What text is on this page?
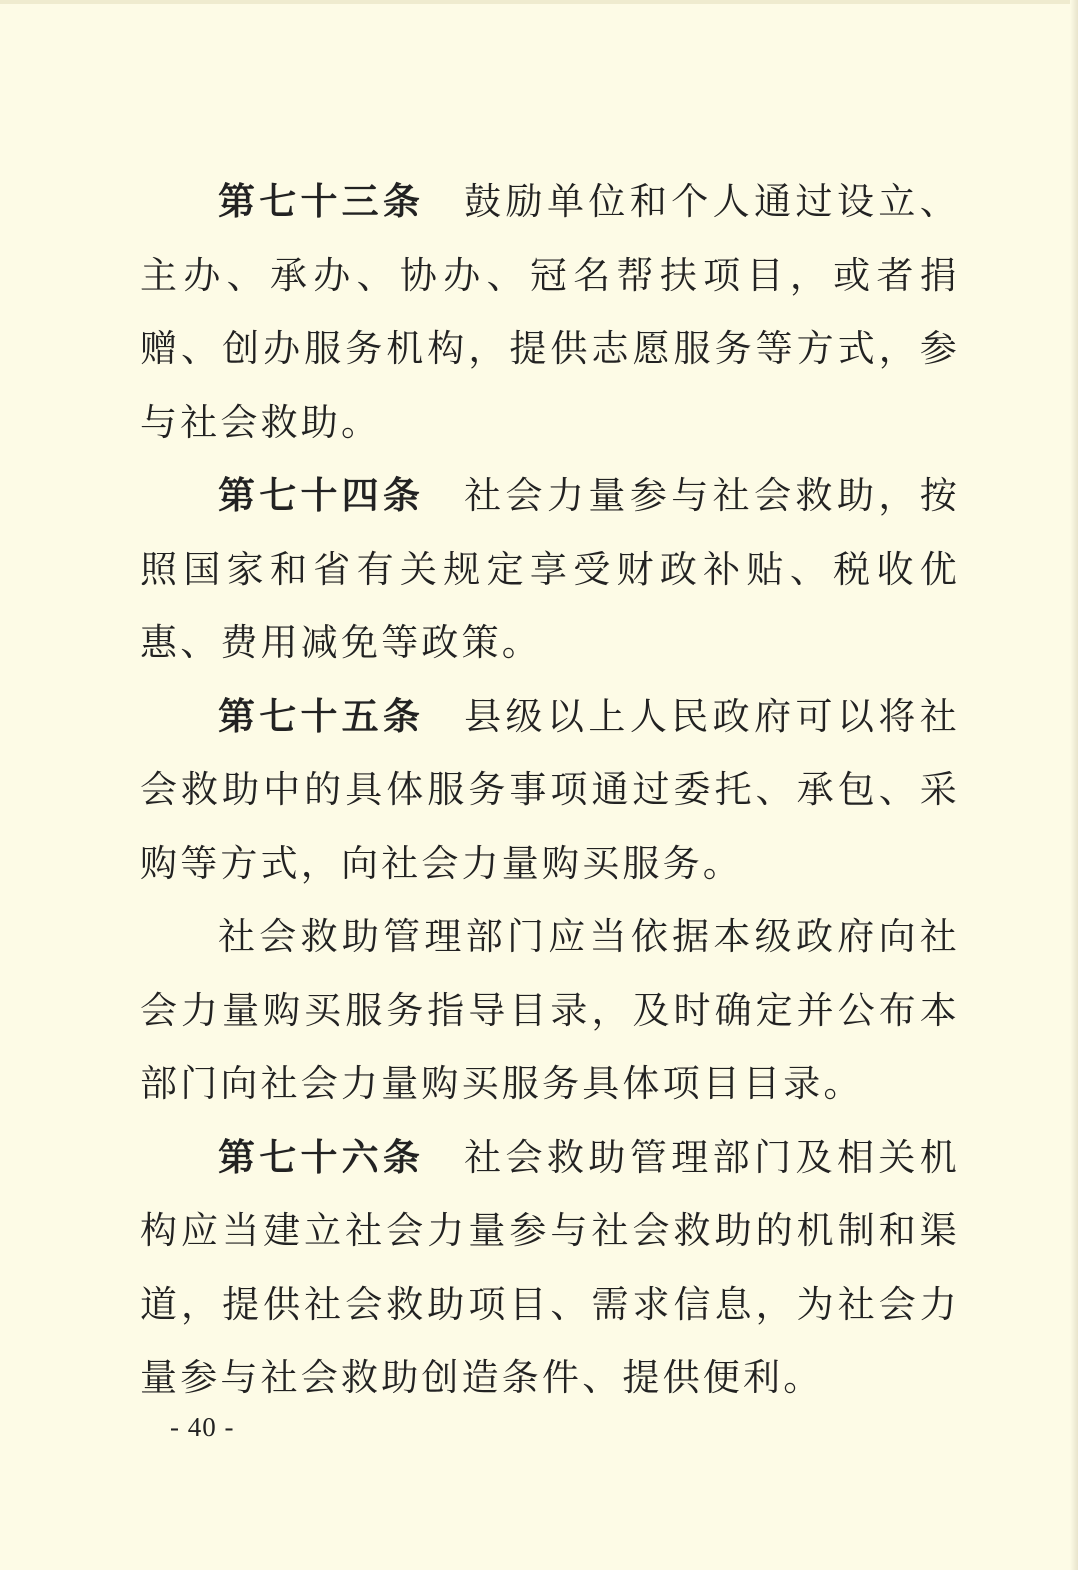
第七十三条 鼓励单位和个人通过设立、主办、承办、协办、冠名帮扶项目，或者捐赠、创办服务机构，提供志愿服务等方式，参与社会救助。

第七十四条 社会力量参与社会救助，按照国家和省有关规定享受财政补贴、税收优惠、费用减免等政策。

第七十五条 县级以上人民政府可以将社会救助中的具体服务事项通过委托、承包、采购等方式，向社会力量购买服务。

社会救助管理部门应当依据本级政府向社会力量购买服务指导目录，及时确定并公布本部门向社会力量购买服务具体项目目录。

第七十六条 社会救助管理部门及相关机构应当建立社会力量参与社会救助的机制和渠道，提供社会救助项目、需求信息，为社会力量参与社会救助创造条件、提供便利。

- 40 -
